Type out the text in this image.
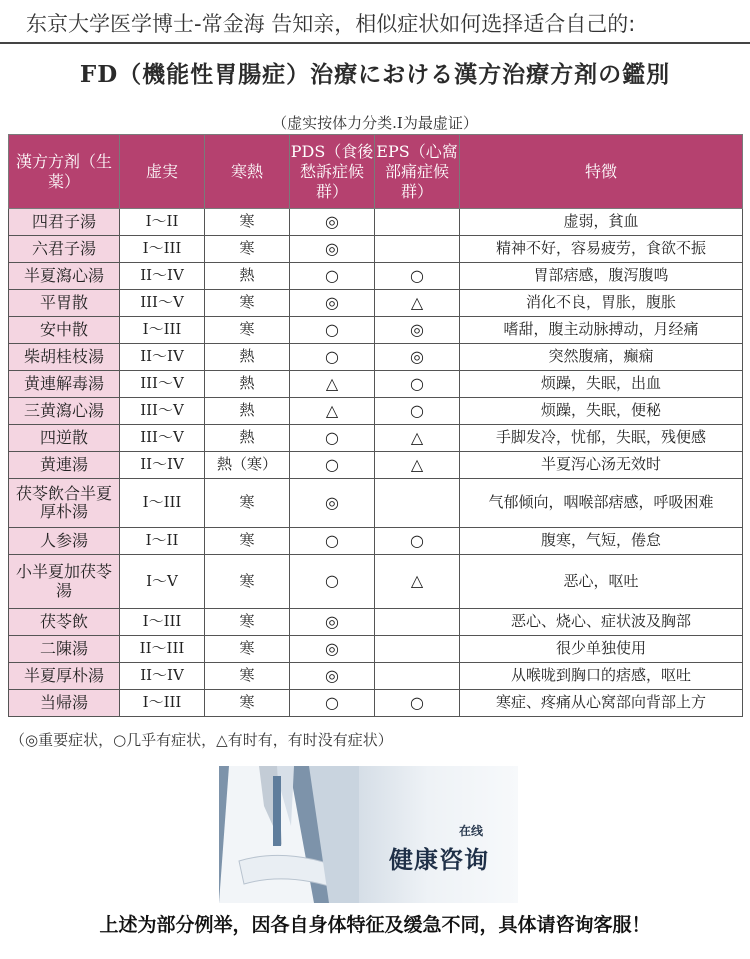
东京大学医学博士-常金海 告知亲，相似症状如何选择适合自己的:
FD（機能性胃腸症）治療における漢方治療方剤の鑑別
（虚实按体力分类.I为最虚证）
漢方方剤（生薬）	虚実	寒熱	PDS（食後愁訴症候群）	EPS（心窩部痛症候群）	特徴
四君子湯	I〜II	寒	◎		虚弱，貧血
六君子湯	I〜III	寒	◎		精神不好，容易疲劳，食欲不振
半夏瀉心湯	II〜IV	熱	○	○	胃部痞感，腹泻腹鸣
平胃散	III〜V	寒	◎	△	消化不良，胃胀，腹胀
安中散	I〜III	寒	○	◎	嗜甜，腹主动脉搏动，月经痛
柴胡桂枝湯	II〜IV	熱	○	◎	突然腹痛，癫痫
黄連解毒湯	III〜V	熱	△	○	烦躁，失眠，出血
三黄瀉心湯	III〜V	熱	△	○	烦躁，失眠，便秘
四逆散	III〜V	熱	○	△	手脚发冷，忧郁，失眠，残便感
黄連湯	II〜IV	熱（寒）	○	△	半夏泻心汤无效时
茯苓飲合半夏厚朴湯	I〜III	寒	◎		气郁倾向，咽喉部痞感，呼吸困难
人参湯	I〜II	寒	○	○	腹寒，气短，倦怠
小半夏加茯苓湯	I〜V	寒	○	△	恶心，呕吐
茯苓飲	I〜III	寒	◎		恶心、烧心、症状波及胸部
二陳湯	II〜III	寒	◎		很少单独使用
半夏厚朴湯	II〜IV	寒	◎		从喉咙到胸口的痞感，呕吐
当帰湯	I〜III	寒	○	○	寒症、疼痛从心窝部向背部上方
（◎重要症状，○几乎有症状，△有时有，有时没有症状）
在线
健康咨询
上述为部分例举，因各自身体特征及缓急不同，具体请咨询客服！
